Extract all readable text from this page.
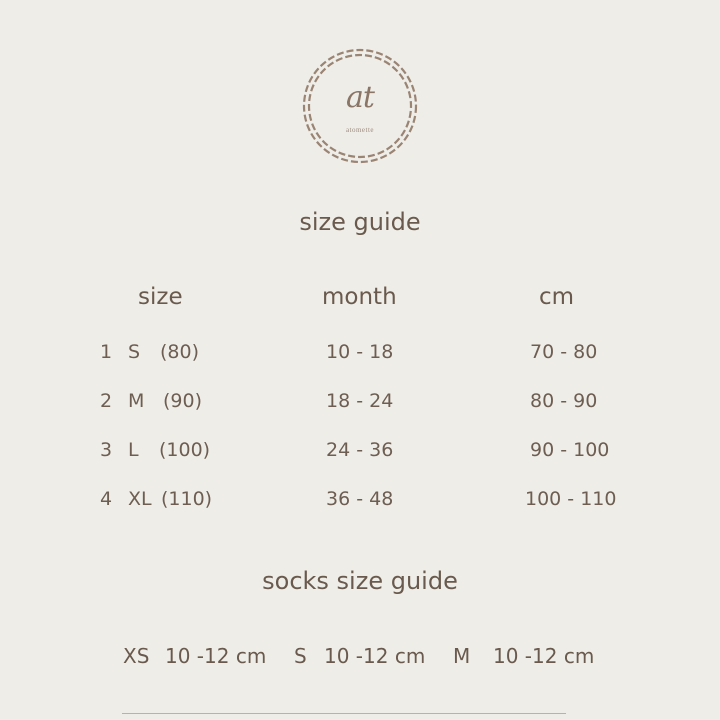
at
atomette
size guide
size	month	cm
1 S (80)	10 - 18	70 - 80
2 M (90)	18 - 24	80 - 90
3 L (100)	24 - 36	90 - 100
4 XL (110)	36 - 48	100 - 110
socks size guide
XS 10 -12 cm S 10 -12 cm M 10 -12 cm
